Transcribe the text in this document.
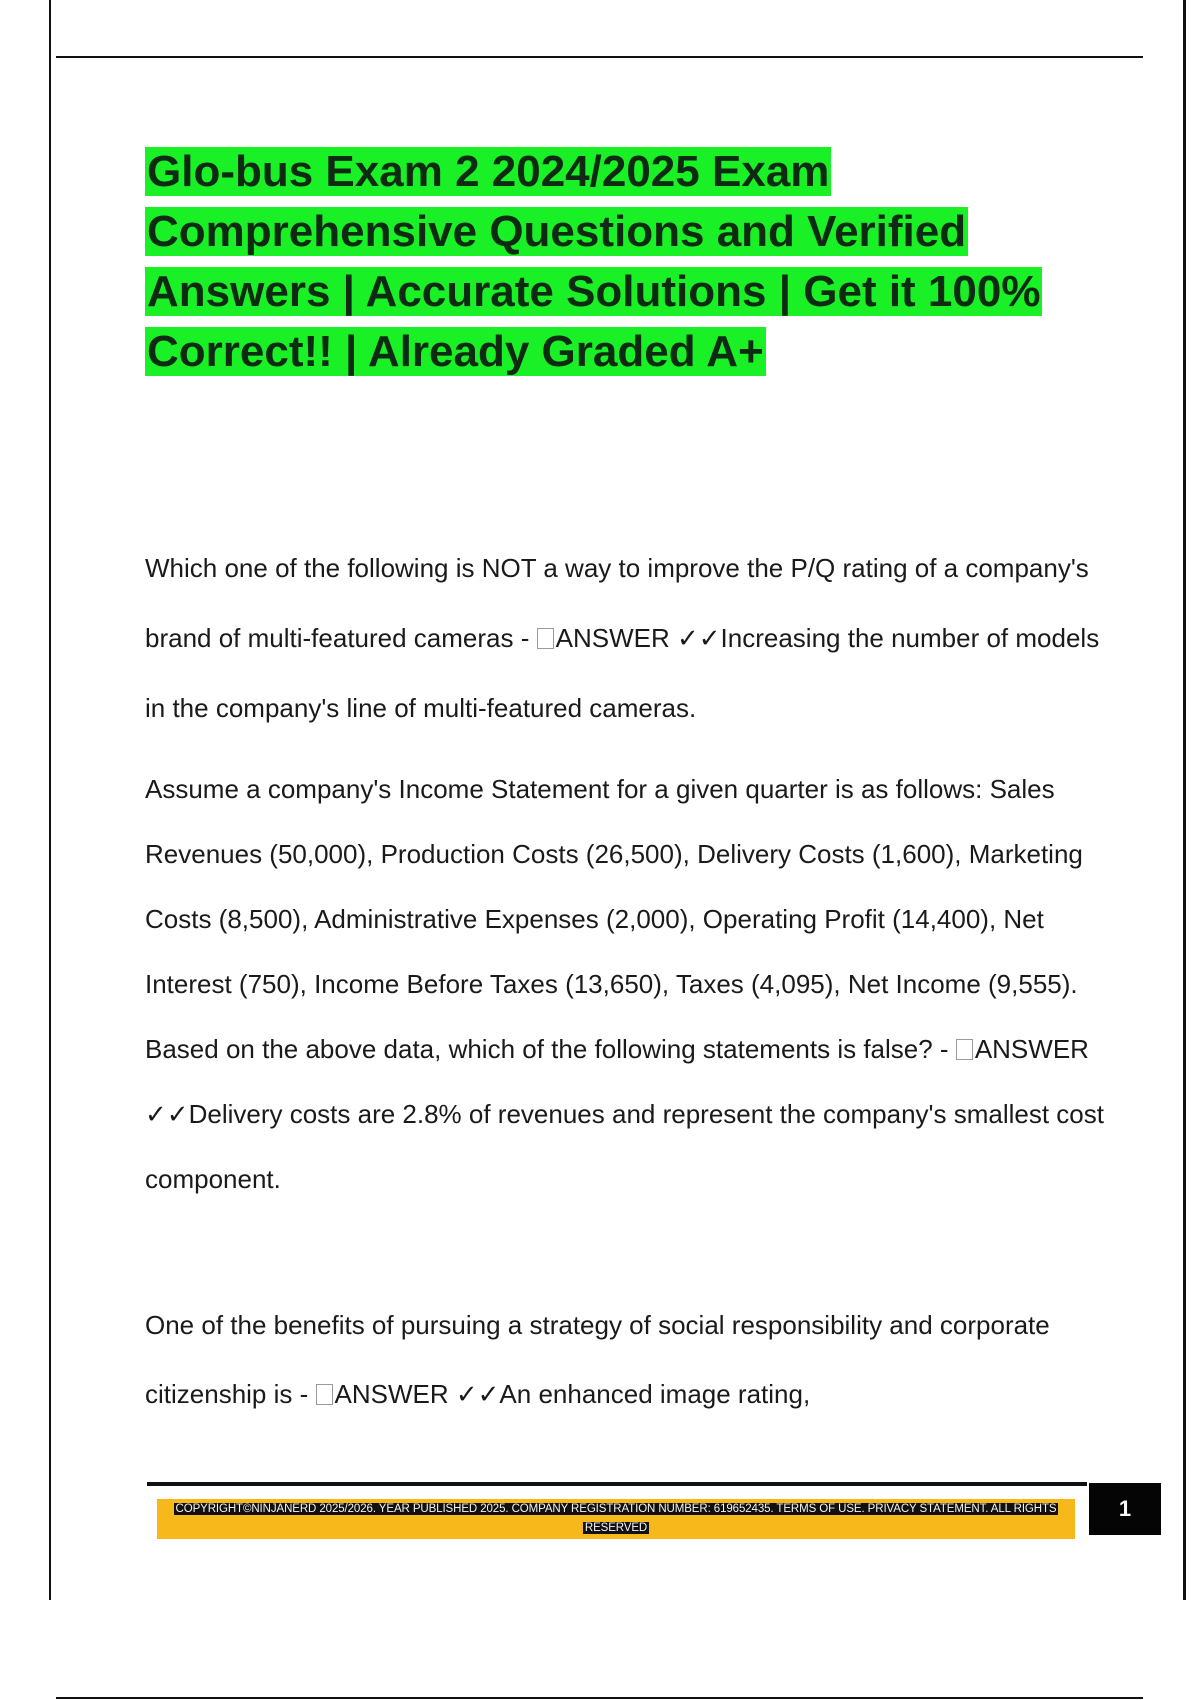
Glo-bus Exam 2 2024/2025 Exam Comprehensive Questions and Verified Answers | Accurate Solutions | Get it 100% Correct!! | Already Graded A+

Which one of the following is NOT a way to improve the P/Q rating of a company's brand of multi-featured cameras - ANSWER ✓✓Increasing the number of models in the company's line of multi-featured cameras.

Assume a company's Income Statement for a given quarter is as follows: Sales Revenues (50,000), Production Costs (26,500), Delivery Costs (1,600), Marketing Costs (8,500), Administrative Expenses (2,000), Operating Profit (14,400), Net Interest (750), Income Before Taxes (13,650), Taxes (4,095), Net Income (9,555). Based on the above data, which of the following statements is false? - ANSWER ✓✓Delivery costs are 2.8% of revenues and represent the company's smallest cost component.

One of the benefits of pursuing a strategy of social responsibility and corporate citizenship is - ANSWER ✓✓An enhanced image rating,

COPYRIGHT©NINJANERD 2025/2026. YEAR PUBLISHED 2025. COMPANY REGISTRATION NUMBER: 619652435. TERMS OF USE. PRIVACY STATEMENT. ALL RIGHTS RESERVED
1
